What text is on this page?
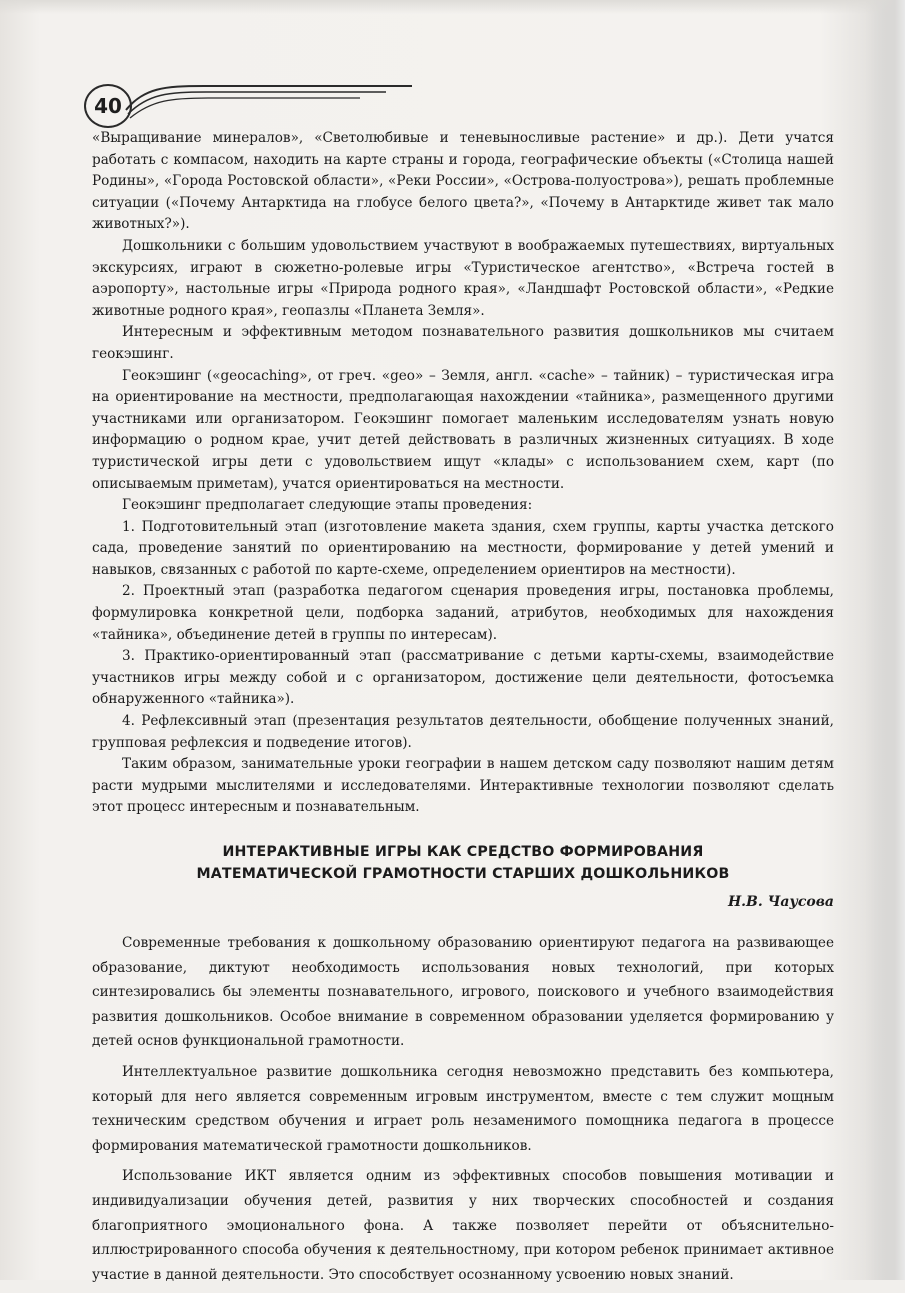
40

«Выращивание минералов», «Светолюбивые и теневыносливые растение» и др.). Дети учатся работать с компасом, находить на карте страны и города, географические объекты («Столица нашей Родины», «Города Ростовской области», «Реки России», «Острова-полуострова»), решать проблемные ситуации («Почему Антарктида на глобусе белого цвета?», «Почему в Антарктиде живет так мало животных?»).

Дошкольники с большим удовольствием участвуют в воображаемых путешествиях, виртуальных экскурсиях, играют в сюжетно-ролевые игры «Туристическое агентство», «Встреча гостей в аэропорту», настольные игры «Природа родного края», «Ландшафт Ростовской области», «Редкие животные родного края», геопазлы «Планета Земля».

Интересным и эффективным методом познавательного развития дошкольников мы считаем геокэшинг.

Геокэшинг («geocaching», от греч. «geo» – Земля, англ. «cache» – тайник) – туристическая игра на ориентирование на местности, предполагающая нахождении «тайника», размещенного другими участниками или организатором. Геокэшинг помогает маленьким исследователям узнать новую информацию о родном крае, учит детей действовать в различных жизненных ситуациях. В ходе туристической игры дети с удовольствием ищут «клады» с использованием схем, карт (по описываемым приметам), учатся ориентироваться на местности.

Геокэшинг предполагает следующие этапы проведения:

1. Подготовительный этап (изготовление макета здания, схем группы, карты участка детского сада, проведение занятий по ориентированию на местности, формирование у детей умений и навыков, связанных с работой по карте-схеме, определением ориентиров на местности).

2. Проектный этап (разработка педагогом сценария проведения игры, постановка проблемы, формулировка конкретной цели, подборка заданий, атрибутов, необходимых для нахождения «тайника», объединение детей в группы по интересам).

3. Практико-ориентированный этап (рассматривание с детьми карты-схемы, взаимодействие участников игры между собой и с организатором, достижение цели деятельности, фотосъемка обнаруженного «тайника»).

4. Рефлексивный этап (презентация результатов деятельности, обобщение полученных знаний, групповая рефлексия и подведение итогов).

Таким образом, занимательные уроки географии в нашем детском саду позволяют нашим детям расти мудрыми мыслителями и исследователями. Интерактивные технологии позволяют сделать этот процесс интересным и познавательным.

ИНТЕРАКТИВНЫЕ ИГРЫ КАК СРЕДСТВО ФОРМИРОВАНИЯ
МАТЕМАТИЧЕСКОЙ ГРАМОТНОСТИ СТАРШИХ ДОШКОЛЬНИКОВ
Н.В. Чаусова

Современные требования к дошкольному образованию ориентируют педагога на развивающее образование, диктуют необходимость использования новых технологий, при которых синтезировались бы элементы познавательного, игрового, поискового и учебного взаимодействия развития дошкольников. Особое внимание в современном образовании уделяется формированию у детей основ функциональной грамотности.

Интеллектуальное развитие дошкольника сегодня невозможно представить без компьютера, который для него является современным игровым инструментом, вместе с тем служит мощным техническим средством обучения и играет роль незаменимого помощника педагога в процессе формирования математической грамотности дошкольников.

Использование ИКТ является одним из эффективных способов повышения мотивации и индивидуализации обучения детей, развития у них творческих способностей и создания благоприятного эмоционального фона. А также позволяет перейти от объяснительно-иллюстрированного способа обучения к деятельностному, при котором ребенок принимает активное участие в данной деятельности. Это способствует осознанному усвоению новых знаний.
